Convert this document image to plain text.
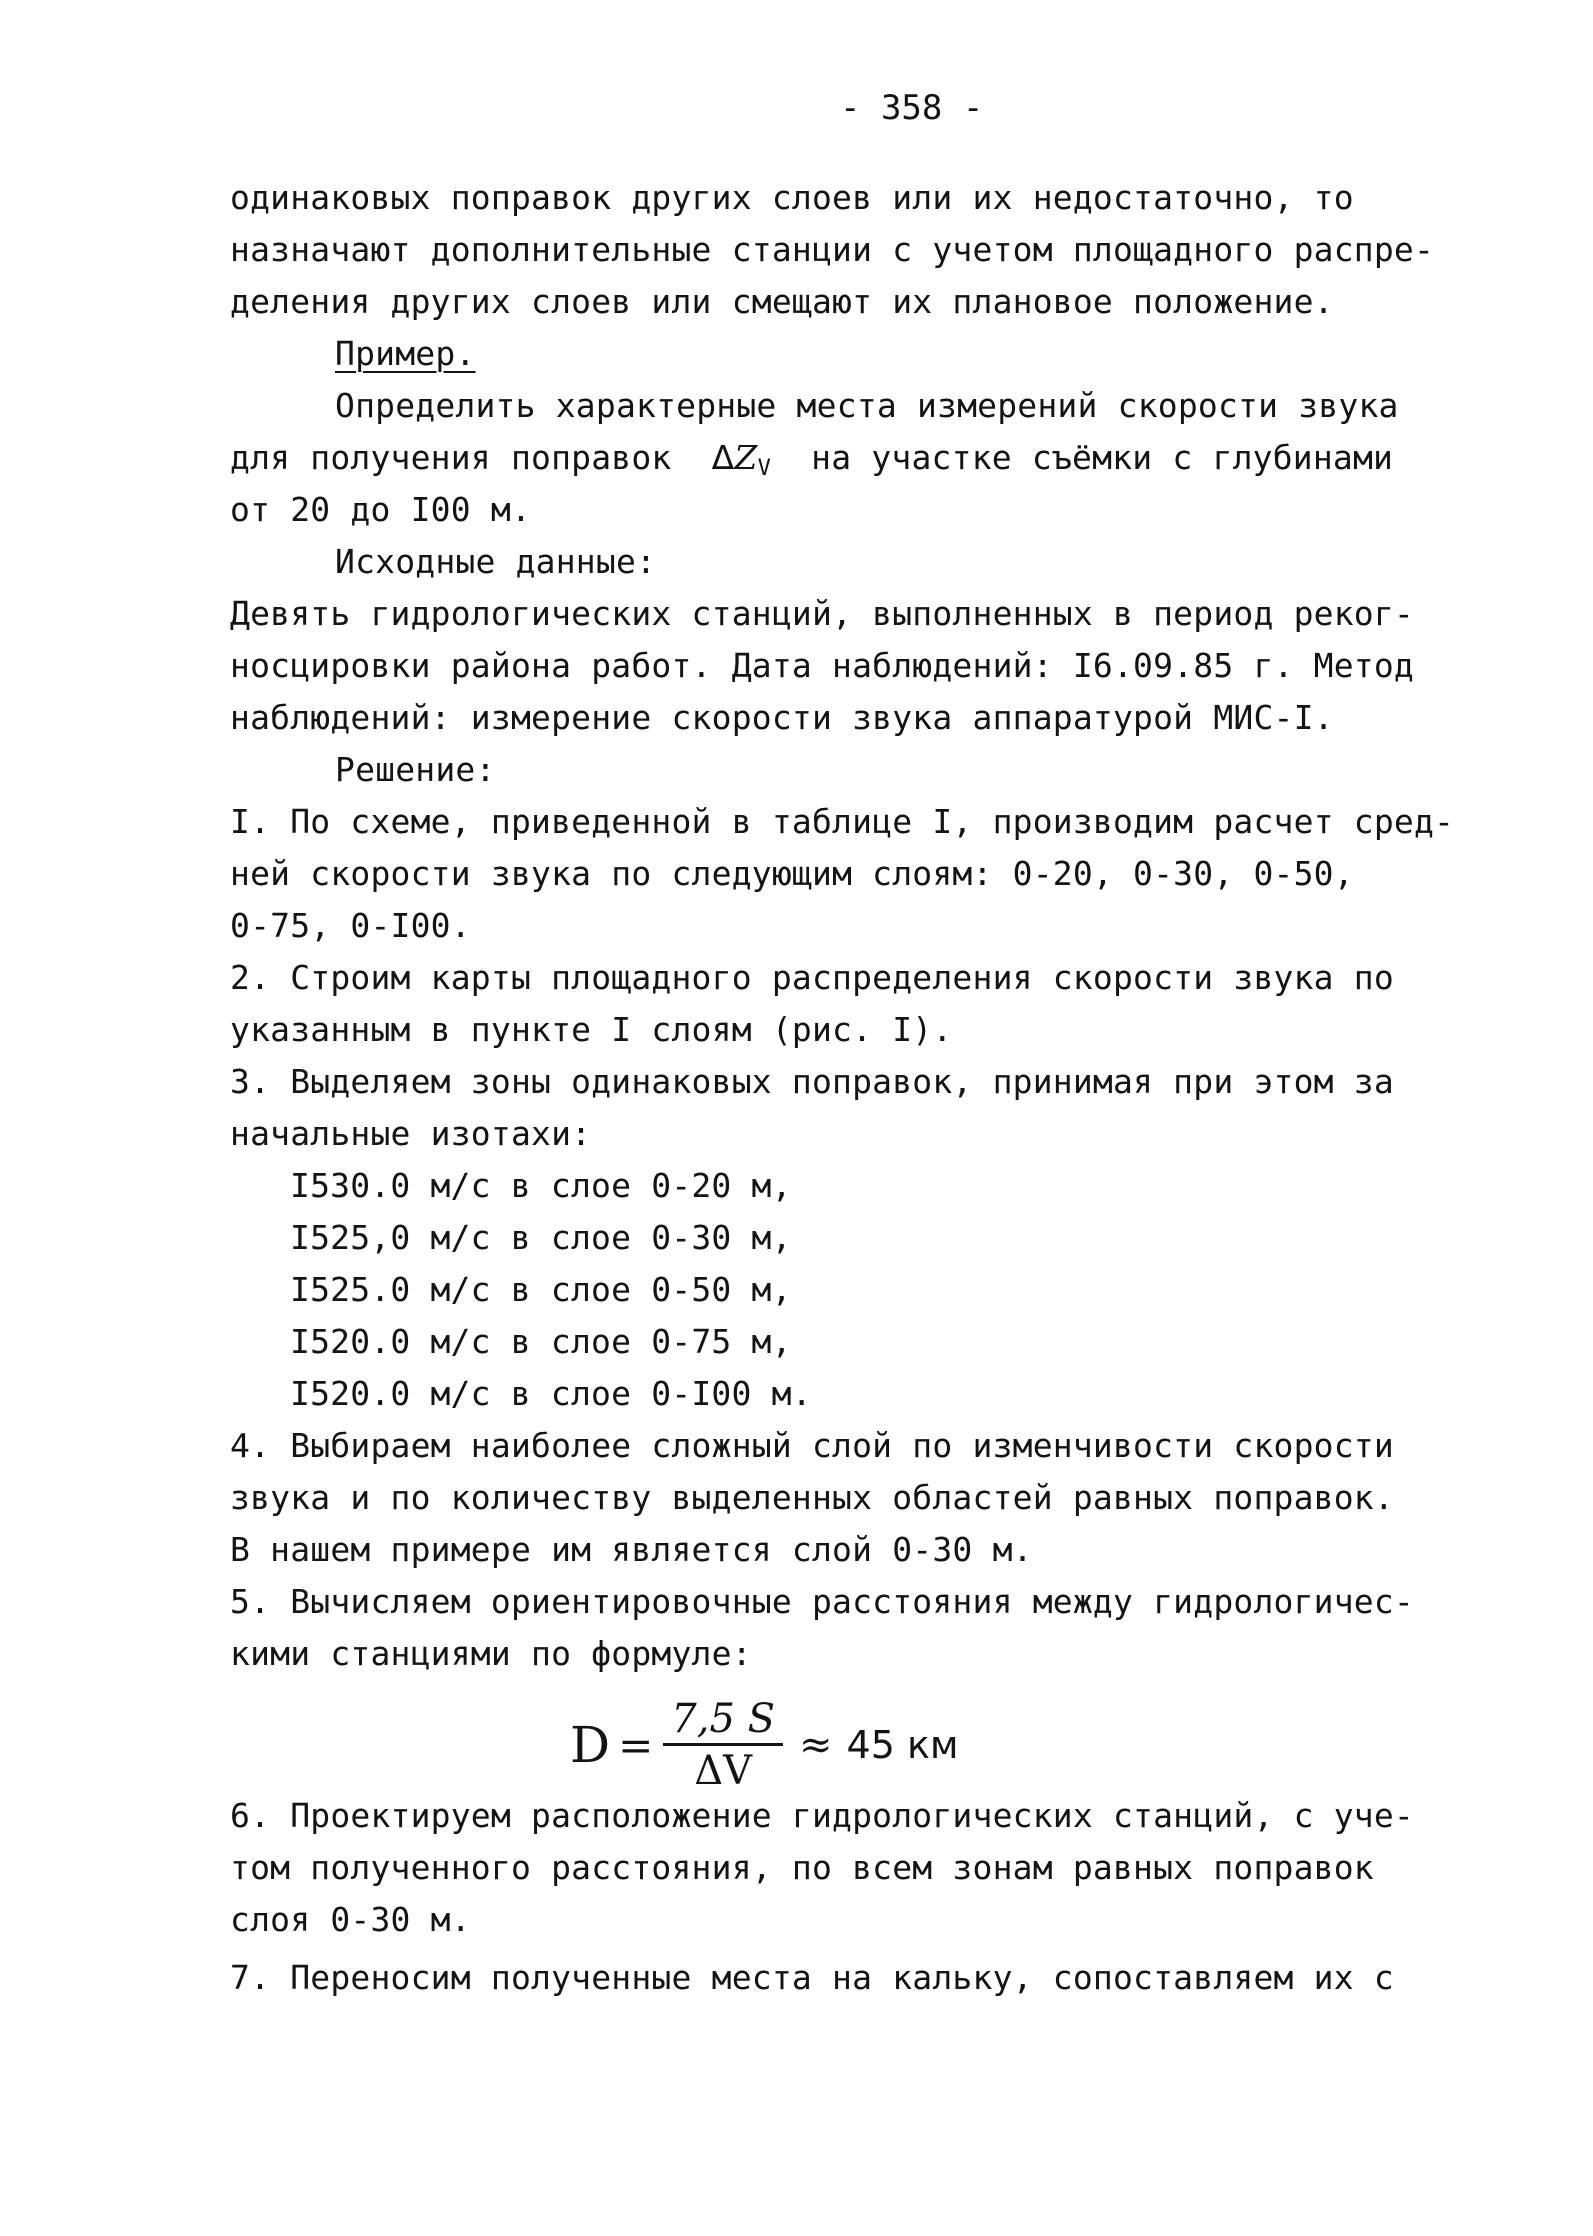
- 358 -
одинаковых поправок других слоев или их недостаточно, то
назначают дополнительные станции с учетом площадного распре-
деления других слоев или смещают их плановое положение.
Пример.
Определить характерные места измерений скорости звука
для получения поправок $\Delta Z_V$ на участке съёмки с глубинами
от 20 до I00 м.
Исходные данные:
Девять гидрологических станций, выполненных в период реког-
носцировки района работ. Дата наблюдений: I6.09.85 г. Метод
наблюдений: измерение скорости звука аппаратурой МИС-I.
Решение:
I. По схеме, приведенной в таблице I, производим расчет сред-
ней скорости звука по следующим слоям: 0-20, 0-30, 0-50,
0-75, 0-I00.
2. Строим карты площадного распределения скорости звука по
указанным в пункте I слоям (рис. I).
3. Выделяем зоны одинаковых поправок, принимая при этом за
начальные изотахи:
I530.0 м/с в слое 0-20 м,
I525,0 м/с в слое 0-30 м,
I525.0 м/с в слое 0-50 м,
I520.0 м/с в слое 0-75 м,
I520.0 м/с в слое 0-I00 м.
4. Выбираем наиболее сложный слой по изменчивости скорости
звука и по количеству выделенных областей равных поправок.
В нашем примере им является слой 0-30 м.
5. Вычисляем ориентировочные расстояния между гидрологичес-
кими станциями по формуле:
$D = \frac{7,5 S}{\Delta V} \approx 45$ км
6. Проектируем расположение гидрологических станций, с уче-
том полученного расстояния, по всем зонам равных поправок
слоя 0-30 м.
7. Переносим полученные места на кальку, сопоставляем их с
